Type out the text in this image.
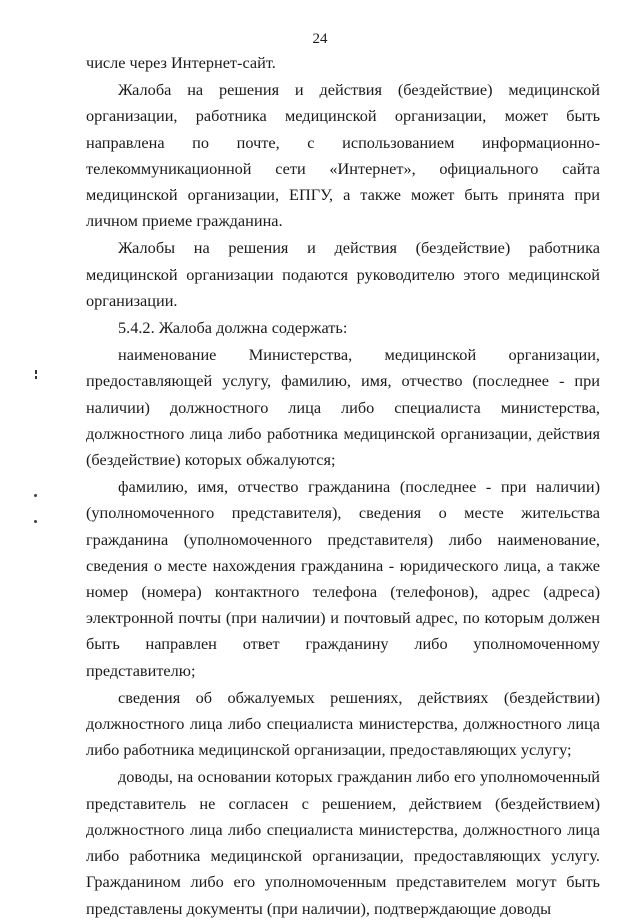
24

числе через Интернет-сайт.

Жалоба на решения и действия (бездействие) медицинской организации, работника медицинской организации, может быть направлена по почте, с использованием информационно-телекоммуникационной сети «Интернет», официального сайта медицинской организации, ЕПГУ, а также может быть принята при личном приеме гражданина.

Жалобы на решения и действия (бездействие) работника медицинской организации подаются руководителю этого медицинской организации.

5.4.2. Жалоба должна содержать:

наименование Министерства, медицинской организации, предоставляющей услугу, фамилию, имя, отчество (последнее - при наличии) должностного лица либо специалиста министерства, должностного лица либо работника медицинской организации, действия (бездействие) которых обжалуются;

фамилию, имя, отчество гражданина (последнее - при наличии) (уполномоченного представителя), сведения о месте жительства гражданина (уполномоченного представителя) либо наименование, сведения о месте нахождения гражданина - юридического лица, а также номер (номера) контактного телефона (телефонов), адрес (адреса) электронной почты (при наличии) и почтовый адрес, по которым должен быть направлен ответ гражданину либо уполномоченному представителю;

сведения об обжалуемых решениях, действиях (бездействии) должностного лица либо специалиста министерства, должностного лица либо работника медицинской организации, предоставляющих услугу;

доводы, на основании которых гражданин либо его уполномоченный представитель не согласен с решением, действием (бездействием) должностного лица либо специалиста министерства, должностного лица либо работника медицинской организации, предоставляющих услугу. Гражданином либо его уполномоченным представителем могут быть представлены документы (при наличии), подтверждающие доводы
